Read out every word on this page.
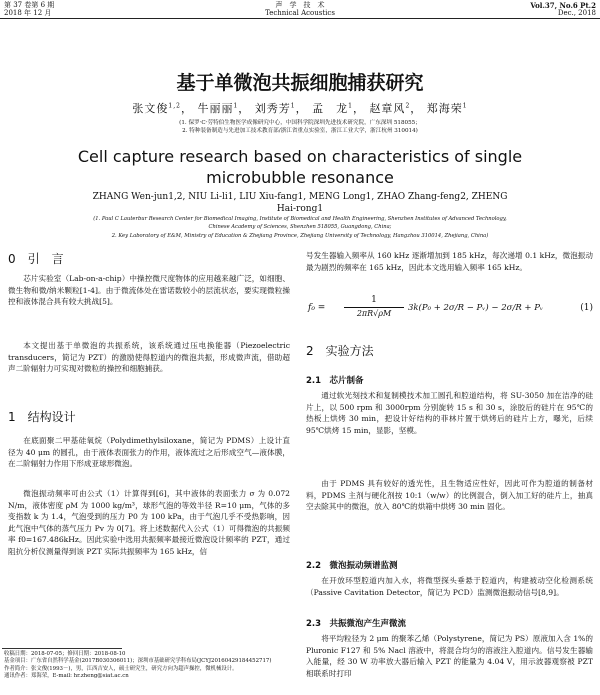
第 37 卷第 6 期
2018 年 12 月
声　学　技　术
Technical Acoustics
Vol.37, No.6 Pt.2
Dec., 2018
基于单微泡共振细胞捕获研究
张文俊$^{1,2}$， 牛丽丽$^1$， 刘秀芳$^1$， 孟　龙$^1$， 赵章风$^2$， 郑海荣$^1$
(1. 保罗·C·劳特伯生物医学成像研究中心，中国科学院深圳先进技术研究院，广东深圳 518055；
2. 特种装备制造与先进加工技术教育部/浙江省重点实验室，浙江工业大学，浙江杭州 310014)
Cell capture research based on characteristics of single
microbubble resonance
ZHANG Wen-jun1,2, NIU Li-li1, LIU Xiu-fang1, MENG Long1, ZHAO Zhang-feng2, ZHENG
Hai-rong1
(1. Paul C Lauterbur Research Center for Biomedical Imaging, Institute of Biomedical and Health Engineering, Shenzhen Institutes of Advanced Technology,
Chinese Academy of Sciences, Shenzhen 518055, Guangdong, China;
2. Key Laboratory of E&M, Ministry of Education & Zhejiang Province, Zhejiang University of Technology, Hangzhou 310014, Zhejiang, China)
0　引　言
芯片实验室（Lab-on-a-chip）中操控微尺度物体的应用越来越广泛，如细胞、微生物和微/纳米颗粒[1-4]。由于微流体处在雷诺数较小的层流状态，要实现微粒操控和液体混合具有较大挑战[5]。
本文提出基于单微泡的共振系统，该系统通过压电换能器（Piezoelectric transducers，简记为 PZT）的激励使得腔道内的微泡共振，形成微声流，借助超声二阶辐射力可实现对微粒的操控和细胞捕获。
1　结构设计
在底面聚二甲基硅氧烷（Polydimethylsiloxane，简记为 PDMS）上设计直径为 40 μm 的圆孔，由于液体表面张力的作用，液体流过之后形成空气—液体膜，在二阶辐射力作用下形成亚球形微泡。
微泡振动频率可由公式（1）计算得到[6]，其中液体的表面张力 σ 为 0.072 N/m，液体密度 ρM 为 1000 kg/m³，球形气泡的等效半径 R=10 μm，气体的多变指数 k 为 1.4，气泡受到的压力 P0 为 100 kPa，由于气泡几乎不受热影响，因此气泡中气体的蒸气压力 Pv 为 0[7]。将上述数据代入公式（1）可得微泡的共振频率 f0=167.486kHz。因此实验中选用共振频率最接近微泡设计频率的 PZT，通过阻抗分析仪测量得到该 PZT 实际共振频率为 165 kHz，信
收稿日期：2018-07-05；修回日期：2018-08-10
基金项目：广东省自然科学基金(2017B030306011)；深圳市基础研究学科布局(JCYJ20160429184452717)
作者简介：张文俊(1993－)，男，江西吉安人，硕士研究生，研究方向为超声操控，微机械设计。
通讯作者：郑海荣，E-mail: hr.zheng@siat.ac.cn
号发生器输入频率从 160 kHz 逐渐增加到 185 kHz，每次递增 0.1 kHz，微泡振动最为剧烈的频率在 165 kHz，因此本文选用输入频率 165 kHz。
f₀ =
1
2πR√ρM
3k(P₀ + 2σ/R − Pᵥ) − 2σ/R + Pᵥ	(1)
2　实验方法
2.1　芯片制备
通过软光刻技术和复制模技术加工圆孔和腔道结构，将 SU-3050 加在洁净的硅片上，以 500 rpm 和 3000rpm 分别旋转 15 s 和 30 s，涂胶后的硅片在 95℃的热板上烘烤 30 min，把设计好结构的菲林片置于烘烤后的硅片上方，曝光，后续 95℃烘烤 15 min，显影，坚模。
由于 PDMS 具有较好的透光性，且生物适应性好，因此可作为腔道的制备材料，PDMS 主剂与硬化剂按 10:1（w/w）的比例混合，倒入加工好的硅片上，抽真空去除其中的微泡，放入 80℃的烘箱中烘烤 30 min 固化。
2.2　微泡振动频谱监测
在开放环型腔道内加入水，将微型探头垂悬于腔道内，构建被动空化检测系统（Passive Cavitation Detector，简记为 PCD）监测微泡振动信号[8,9]。
2.3　共振微泡产生声微流
将平均粒径为 2 μm 的聚苯乙烯（Polystyrene，简记为 PS）原液加入含 1%的 Pluronic F127 和 5% Nacl 溶液中，将混合均匀的溶液注入腔道内。信号发生器输入能量，经 30 W 功率放大器后输入 PZT 的能量为 4.04 V，用示波器观察被 PZT 相联系时打印
